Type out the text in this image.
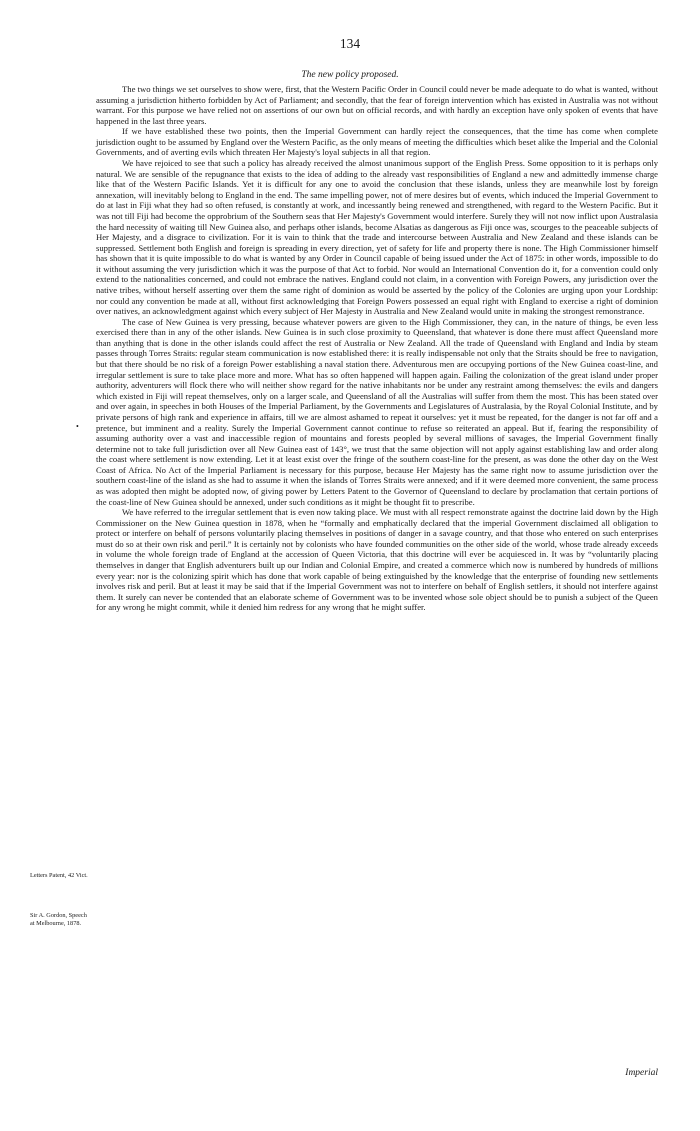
134
The new policy proposed.

The two things we set ourselves to show were, first, that the Western Pacific Order in Council could never be made adequate to do what is wanted, without assuming a jurisdiction hitherto forbidden by Act of Parliament; and secondly, that the fear of foreign intervention which has existed in Australia was not without warrant. For this purpose we have relied not on assertions of our own but on official records, and with hardly an exception have only spoken of events that have happened in the last three years.

If we have established these two points, then the Imperial Government can hardly reject the consequences, that the time has come when complete jurisdiction ought to be assumed by England over the Western Pacific, as the only means of meeting the difficulties which beset alike the Imperial and the Colonial Governments, and of averting evils which threaten Her Majesty's loyal subjects in all that region.

We have rejoiced to see that such a policy has already received the almost unanimous support of the English Press. Some opposition to it is perhaps only natural. We are sensible of the repugnance that exists to the idea of adding to the already vast responsibilities of England a new and admittedly immense charge like that of the Western Pacific Islands. Yet it is difficult for any one to avoid the conclusion that these islands, unless they are meanwhile lost by foreign annexation, will inevitably belong to England in the end. The same impelling power, not of mere desires but of events, which induced the Imperial Government to do at last in Fiji what they had so often refused, is constantly at work, and incessantly being renewed and strengthened, with regard to the Western Pacific. But it was not till Fiji had become the opprobrium of the Southern seas that Her Majesty's Government would interfere. Surely they will not now inflict upon Australasia the hard necessity of waiting till New Guinea also, and perhaps other islands, become Alsatias as dangerous as Fiji once was, scourges to the peaceable subjects of Her Majesty, and a disgrace to civilization. For it is vain to think that the trade and intercourse between Australia and New Zealand and these islands can be suppressed. Settlement both English and foreign is spreading in every direction, yet of safety for life and property there is none. The High Commissioner himself has shown that it is quite impossible to do what is wanted by any Order in Council capable of being issued under the Act of 1875: in other words, impossible to do it without assuming the very jurisdiction which it was the purpose of that Act to forbid. Nor would an International Convention do it, for a convention could only extend to the nationalities concerned, and could not embrace the natives. England could not claim, in a convention with Foreign Powers, any jurisdiction over the native tribes, without herself asserting over them the same right of dominion as would be asserted by the policy of the Colonies are urging upon your Lordship: nor could any convention be made at all, without first acknowledging that Foreign Powers possessed an equal right with England to exercise a right of dominion over natives, an acknowledgment against which every subject of Her Majesty in Australia and New Zealand would unite in making the strongest remonstrance.

The case of New Guinea is very pressing, because whatever powers are given to the High Commissioner, they can, in the nature of things, be even less exercised there than in any of the other islands. New Guinea is in such close proximity to Queensland, that whatever is done there must affect Queensland more than anything that is done in the other islands could affect the rest of Australia or New Zealand. All the trade of Queensland with England and India by steam passes through Torres Straits: regular steam communication is now established there: it is really indispensable not only that the Straits should be free to navigation, but that there should be no risk of a foreign Power establishing a naval station there. Adventurous men are occupying portions of the New Guinea coast-line, and irregular settlement is sure to take place more and more. What has so often happened will happen again. Failing the colonization of the great island under proper authority, adventurers will flock there who will neither show regard for the native inhabitants nor be under any restraint among themselves: the evils and dangers which existed in Fiji will repeat themselves, only on a larger scale, and Queensland of all the Australias will suffer from them the most. This has been stated over and over again, in speeches in both Houses of the Imperial Parliament, by the Governments and Legislatures of Australasia, by the Royal Colonial Institute, and by private persons of high rank and experience in affairs, till we are almost ashamed to repeat it ourselves: yet it must be repeated, for the danger is not far off and a pretence, but imminent and a reality. Surely the Imperial Government cannot continue to refuse so reiterated an appeal. But if, fearing the responsibility of assuming authority over a vast and inaccessible region of mountains and forests peopled by several millions of savages, the Imperial Government finally determine not to take full jurisdiction over all New Guinea east of 143°, we trust that the same objection will not apply against establishing law and order along the coast where settlement is now extending. Let it at least exist over the fringe of the southern coast-line for the present, as was done the other day on the West Coast of Africa. No Act of the Imperial Parliament is necessary for this purpose, because Her Majesty has the same right now to assume jurisdiction over the southern coast-line of the island as she had to assume it when the islands of Torres Straits were annexed; and if it were deemed more convenient, the same process as was adopted then might be adopted now, of giving power by Letters Patent to the Governor of Queensland to declare by proclamation that certain portions of the coast-line of New Guinea should be annexed, under such conditions as it might be thought fit to prescribe.

We have referred to the irregular settlement that is even now taking place. We must with all respect remonstrate against the doctrine laid down by the High Commissioner on the New Guinea question in 1878, when he “formally and emphatically declared that the imperial Government disclaimed all obligation to protect or interfere on behalf of persons voluntarily placing themselves in positions of danger in a savage country, and that those who entered on such enterprises must do so at their own risk and peril.” It is certainly not by colonists who have founded communities on the other side of the world, whose trade already exceeds in volume the whole foreign trade of England at the accession of Queen Victoria, that this doctrine will ever be acquiesced in. It was by “voluntarily placing themselves in danger that English adventurers built up our Indian and Colonial Empire, and created a commerce which now is numbered by hundreds of millions every year: nor is the colonizing spirit which has done that work capable of being extinguished by the knowledge that the enterprise of founding new settlements involves risk and peril. But at least it may be said that if the Imperial Government was not to interfere on behalf of English settlers, it should not interfere against them. It surely can never be contended that an elaborate scheme of Government was to be invented whose sole object should be to punish a subject of the Queen for any wrong he might commit, while it denied him redress for any wrong that he might suffer.

Letters Patent, 42 Vict.
Sir A. Gordon, Speech at Melbourne, 1878.
•
Imperial
